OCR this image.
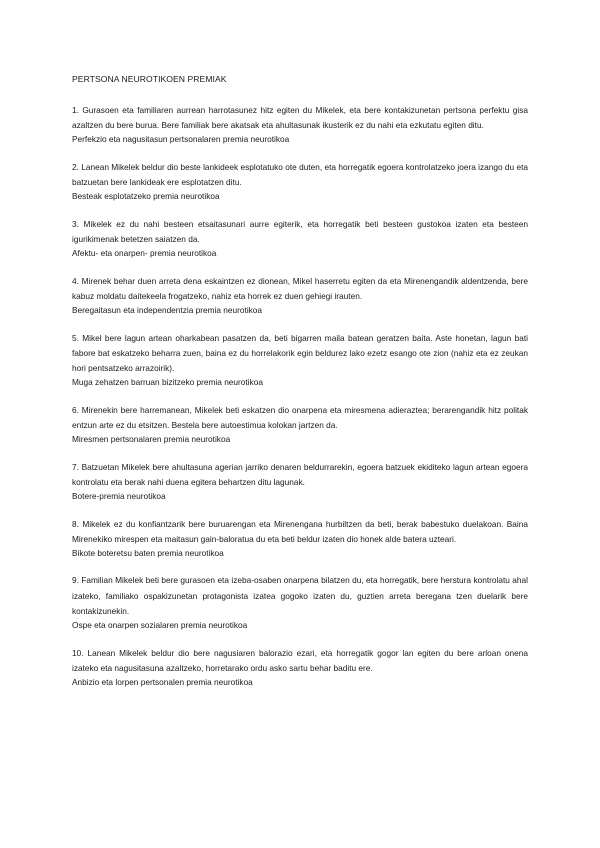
PERTSONA NEUROTIKOEN PREMIAK

1. Gurasoen eta familiaren aurrean harrotasunez hitz egiten du Mikelek, eta bere kontakizunetan pertsona perfektu gisa azaltzen du bere burua. Bere familiak bere akatsak eta ahultasunak ikusterik ez du nahi eta ezkutatu egiten ditu.

Perfekzio eta nagusitasun pertsonalaren premia neurotikoa

2. Lanean Mikelek beldur dio beste lankideek esplotatuko ote duten, eta horregatik egoera kontrolatzeko joera izango du eta batzuetan bere lankideak ere esplotatzen ditu.

Besteak esplotatzeko premia neurotikoa

3. Mikelek ez du nahi besteen etsaitasunari aurre egiterik, eta horregatik beti besteen gustokoa izaten eta besteen igurikimenak betetzen saiatzen da.

Afektu- eta onarpen- premia neurotikoa

4. Mirenek behar duen arreta dena eskaintzen ez dionean, Mikel haserretu egiten da eta Mirenengandik aldentzenda, bere kabuz moldatu daitekeela frogatzeko, nahiz eta horrek ez duen gehiegi irauten.

Beregaitasun eta independentzia premia neurotikoa

5. Mikel bere lagun artean oharkabean pasatzen da, beti bigarren maila batean geratzen baita. Aste honetan, lagun bati fabore bat eskatzeko beharra zuen, baina ez du horrelakorik egin beldurez lako ezetz esango ote zion (nahiz eta ez zeukan hori pentsatzeko arrazoirik).

Muga zehatzen barruan bizitzeko premia neurotikoa

6. Mirenekin bere harremanean, Mikelek beti eskatzen dio onarpena eta miresmena adieraztea; berarengandik hitz politak entzun arte ez du etsitzen. Bestela bere autoestimua kolokan jartzen da.

Miresmen pertsonalaren premia neurotikoa

7. Batzuetan Mikelek bere ahultasuna agerian jarriko denaren beldurrarekin, egoera batzuek ekiditeko lagun artean egoera kontrolatu eta berak nahi duena egitera behartzen ditu lagunak.

Botere-premia neurotikoa

8. Mikelek ez du konfiantzarik bere buruarengan eta Mirenengana hurbiltzen da beti, berak babestuko duelakoan. Baina Mirenekiko mirespen eta maitasun gain-baloratua du eta beti beldur izaten dio honek alde batera uzteari.

Bikote boteretsu baten premia neurotikoa

9. Familian Mikelek beti bere gurasoen eta izeba-osaben onarpena bilatzen du, eta horregatik, bere herstura kontrolatu ahal izateko, familiako ospakizunetan protagonista izatea gogoko izaten du, guztien arreta beregana tzen duelarik bere kontakizunekin.

Ospe eta onarpen sozialaren premia neurotikoa

10. Lanean Mikelek beldur dio bere nagusiaren balorazio ezari, eta horregatik gogor lan egiten du bere arloan onena izateko eta nagusitasuna azaltzeko, horretarako ordu asko sartu behar baditu ere.

Anbizio eta lorpen pertsonalen premia neurotikoa
